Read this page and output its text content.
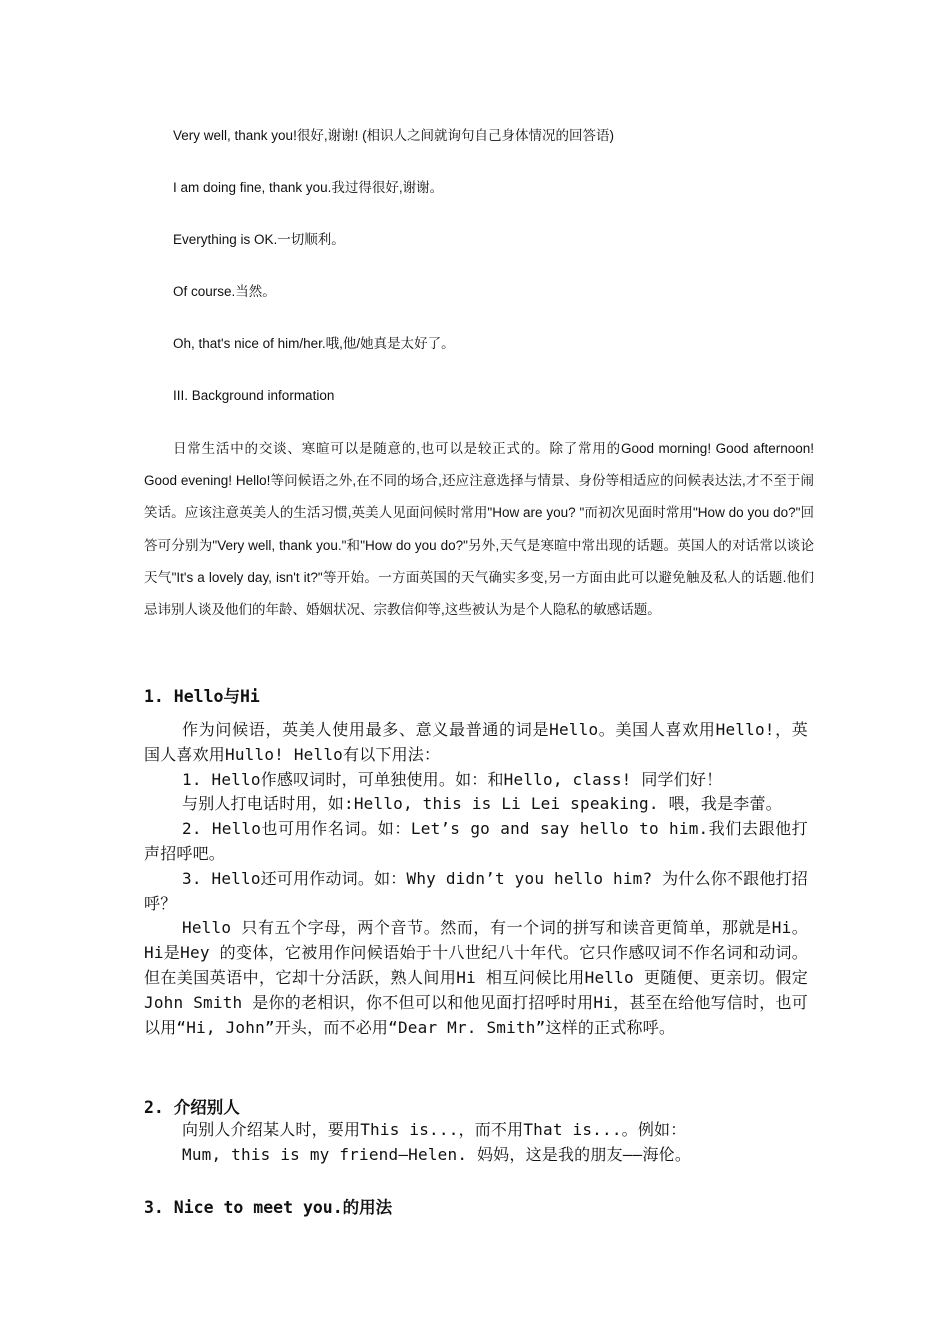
Very well, thank you!很好,谢谢! (相识人之间就询句自己身体情况的回答语)
I am doing fine, thank you.我过得很好,谢谢。
Everything is OK.一切顺利。
Of course.当然。
Oh, that's nice of him/her.哦,他/她真是太好了。
III. Background information

日常生活中的交谈、寒暄可以是随意的,也可以是较正式的。除了常用的Good morning! Good afternoon! Good evening! Hello!等问候语之外,在不同的场合,还应注意选择与情景、身份等相适应的问候表达法,才不至于闹笑话。应该注意英美人的生活习惯,英美人见面问候时常用"How are you? "而初次见面时常用"How do you do?"回答可分别为"Very well, thank you."和"How do you do?"另外,天气是寒暄中常出现的话题。英国人的对话常以谈论天气"It's a lovely day, isn't it?"等开始。一方面英国的天气确实多变,另一方面由此可以避免触及私人的话题.他们忌讳别人谈及他们的年龄、婚姻状况、宗教信仰等,这些被认为是个人隐私的敏感话题。

1. Hello与Hi

作为问候语，英美人使用最多、意义最普通的词是Hello。美国人喜欢用Hello!，英国人喜欢用Hullo! Hello有以下用法：

1. Hello作感叹词时，可单独使用。如：和Hello, class! 同学们好！

与别人打电话时用，如:Hello, this is Li Lei speaking. 喂，我是李蕾。

2. Hello也可用作名词。如：Let’s go and say hello to him.我们去跟他打声招呼吧。

3. Hello还可用作动词。如：Why didn’t you hello him? 为什么你不跟他打招呼？

Hello 只有五个字母，两个音节。然而，有一个词的拼写和读音更简单，那就是Hi。Hi是Hey 的变体，它被用作问候语始于十八世纪八十年代。它只作感叹词不作名词和动词。但在美国英语中，它却十分活跃，熟人间用Hi 相互问候比用Hello 更随便、更亲切。假定John Smith 是你的老相识，你不但可以和他见面打招呼时用Hi，甚至在给他写信时，也可以用“Hi, John”开头，而不必用“Dear Mr. Smith”这样的正式称呼。

2. 介绍别人

向别人介绍某人时，要用This is...，而不用That is...。例如：

Mum, this is my friend—Helen. 妈妈，这是我的朋友——海伦。

3. Nice to meet you.的用法
